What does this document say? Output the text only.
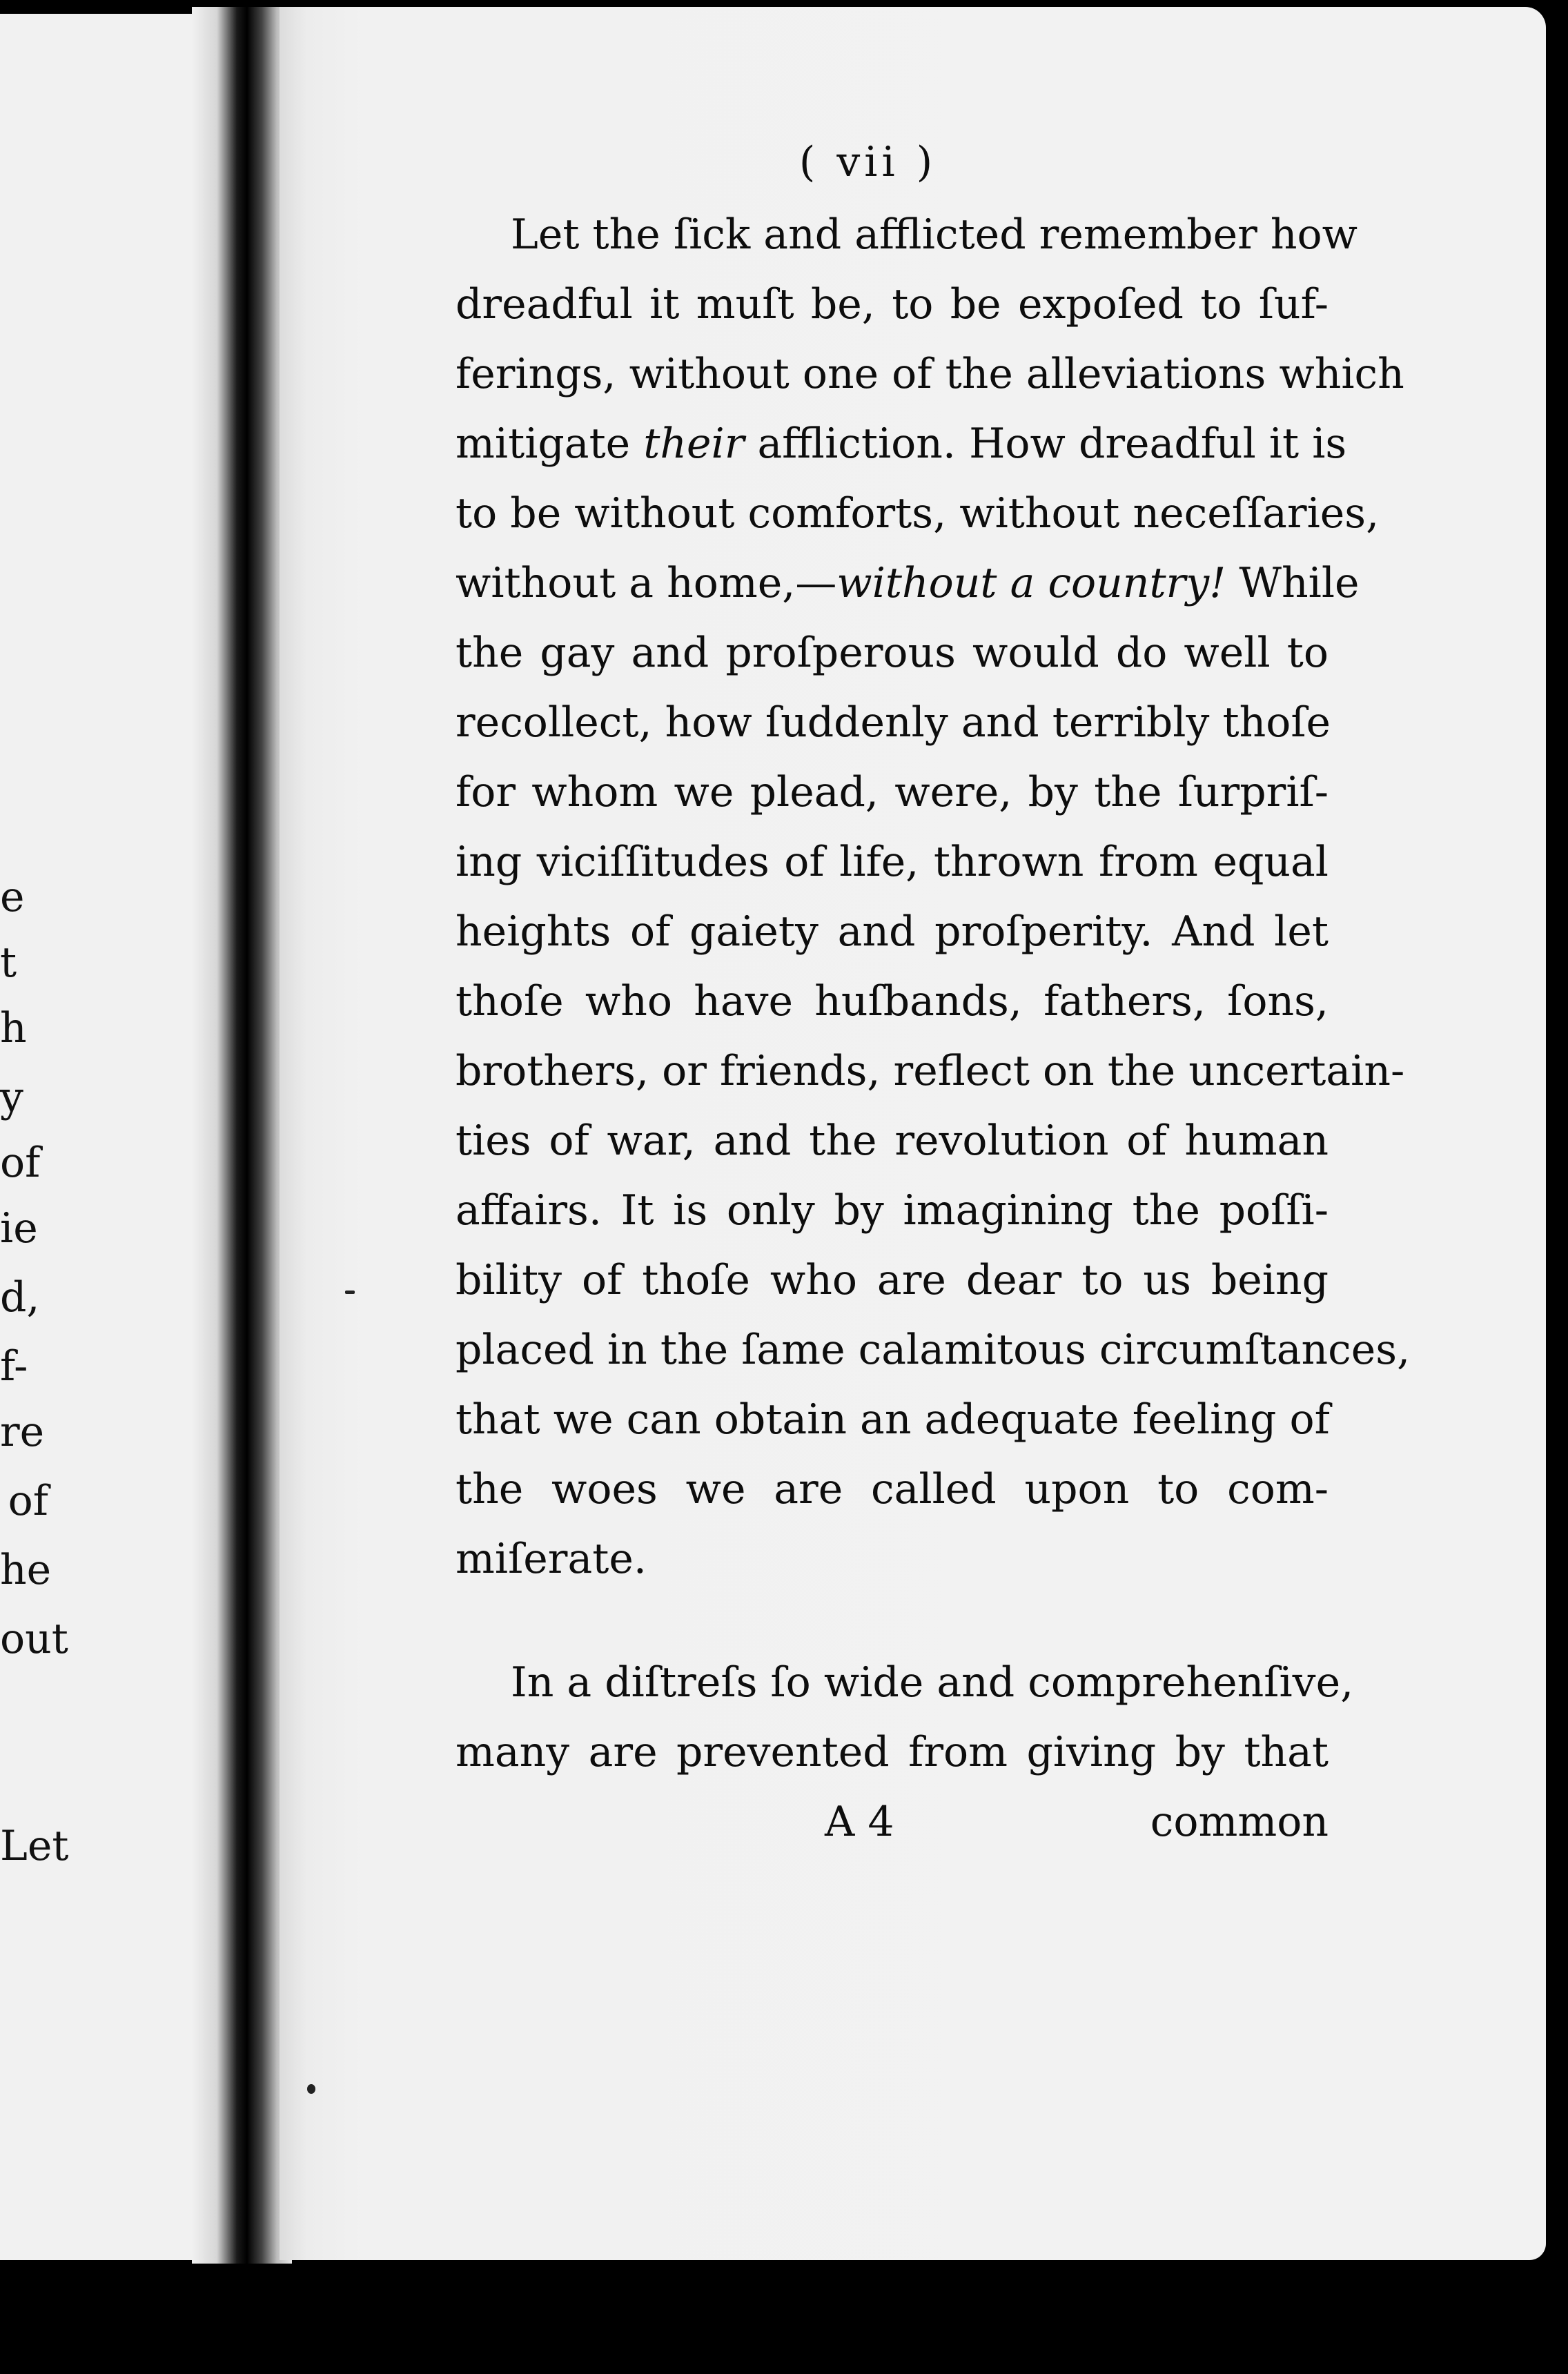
( vii )
Let the ſick and afflicted remember how
dreadful it muſt be, to be expoſed to ſuf-
ferings, without one of the alleviations which
mitigate their affliction. How dreadful it is
to be without comforts, without neceſſaries,
without a home,—without a country! While
the gay and proſperous would do well to
recollect, how ſuddenly and terribly thoſe
for whom we plead, were, by the ſurpriſ-
ing viciſſitudes of life, thrown from equal
heights of gaiety and proſperity. And let
thoſe who have huſbands, fathers, ſons,
brothers, or friends, reflect on the uncertain-
ties of war, and the revolution of human
affairs. It is only by imagining the poſſi-
bility of thoſe who are dear to us being
placed in the ſame calamitous circumſtances,
that we can obtain an adequate feeling of
the woes we are called upon to com-
miſerate.
In a diſtreſs ſo wide and comprehenſive,
many are prevented from giving by that
A 4	common
e
t
h
y
of
ie
d,
f-
re
of
he
out
Let
